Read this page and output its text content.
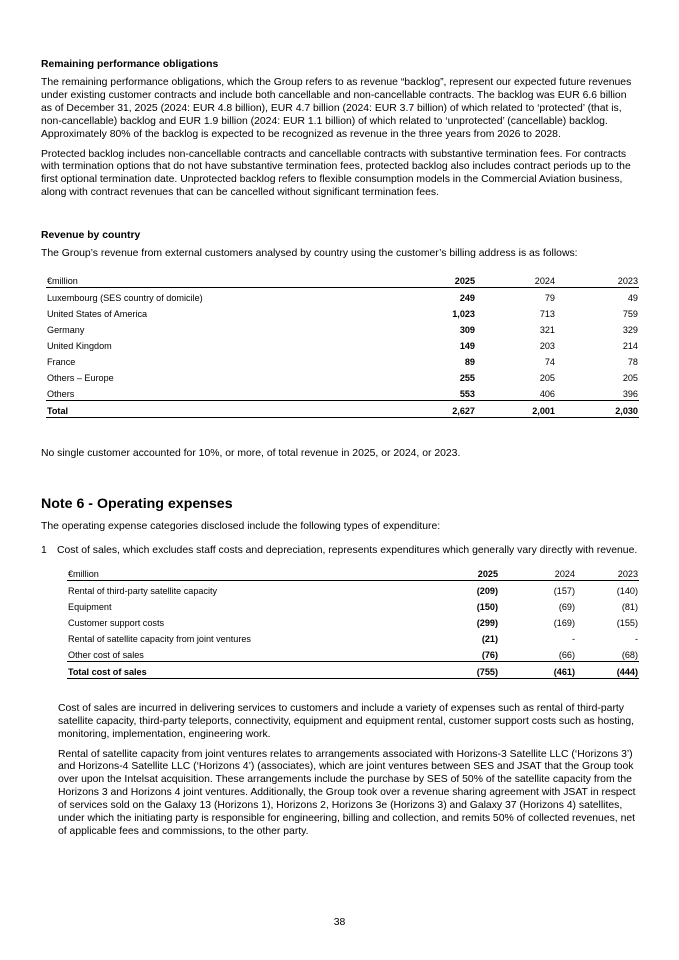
Remaining performance obligations

The remaining performance obligations, which the Group refers to as revenue “backlog”, represent our expected future revenues under existing customer contracts and include both cancellable and non-cancellable contracts. The backlog was EUR 6.6 billion as of December 31, 2025 (2024: EUR 4.8 billion), EUR 4.7 billion (2024: EUR 3.7 billion) of which related to ‘protected’ (that is, non-cancellable) backlog and EUR 1.9 billion (2024: EUR 1.1 billion) of which related to ‘unprotected’ (cancellable) backlog. Approximately 80% of the backlog is expected to be recognized as revenue in the three years from 2026 to 2028.

Protected backlog includes non-cancellable contracts and cancellable contracts with substantive termination fees. For contracts with termination options that do not have substantive termination fees, protected backlog also includes contract periods up to the first optional termination date. Unprotected backlog refers to flexible consumption models in the Commercial Aviation business, along with contract revenues that can be cancelled without significant termination fees.

Revenue by country

The Group’s revenue from external customers analysed by country using the customer’s billing address is as follows:

€million	2025	2024	2023
Luxembourg (SES country of domicile)	249	79	49
United States of America	1,023	713	759
Germany	309	321	329
United Kingdom	149	203	214
France	89	74	78
Others – Europe	255	205	205
Others	553	406	396
Total	2,627	2,001	2,030

No single customer accounted for 10%, or more, of total revenue in 2025, or 2024, or 2023.

Note 6 - Operating expenses

The operating expense categories disclosed include the following types of expenditure:

1 Cost of sales, which excludes staff costs and depreciation, represents expenditures which generally vary directly with revenue.
€million	2025	2024	2023
Rental of third-party satellite capacity	(209)	(157)	(140)
Equipment	(150)	(69)	(81)
Customer support costs	(299)	(169)	(155)
Rental of satellite capacity from joint ventures	(21)	-	-
Other cost of sales	(76)	(66)	(68)
Total cost of sales	(755)	(461)	(444)

Cost of sales are incurred in delivering services to customers and include a variety of expenses such as rental of third-party satellite capacity, third-party teleports, connectivity, equipment and equipment rental, customer support costs such as hosting, monitoring, implementation, engineering work.

Rental of satellite capacity from joint ventures relates to arrangements associated with Horizons-3 Satellite LLC (‘Horizons 3’) and Horizons-4 Satellite LLC (‘Horizons 4’) (associates), which are joint ventures between SES and JSAT that the Group took over upon the Intelsat acquisition. These arrangements include the purchase by SES of 50% of the satellite capacity from the Horizons 3 and Horizons 4 joint ventures. Additionally, the Group took over a revenue sharing agreement with JSAT in respect of services sold on the Galaxy 13 (Horizons 1), Horizons 2, Horizons 3e (Horizons 3) and Galaxy 37 (Horizons 4) satellites, under which the initiating party is responsible for engineering, billing and collection, and remits 50% of collected revenues, net of applicable fees and commissions, to the other party.

38
